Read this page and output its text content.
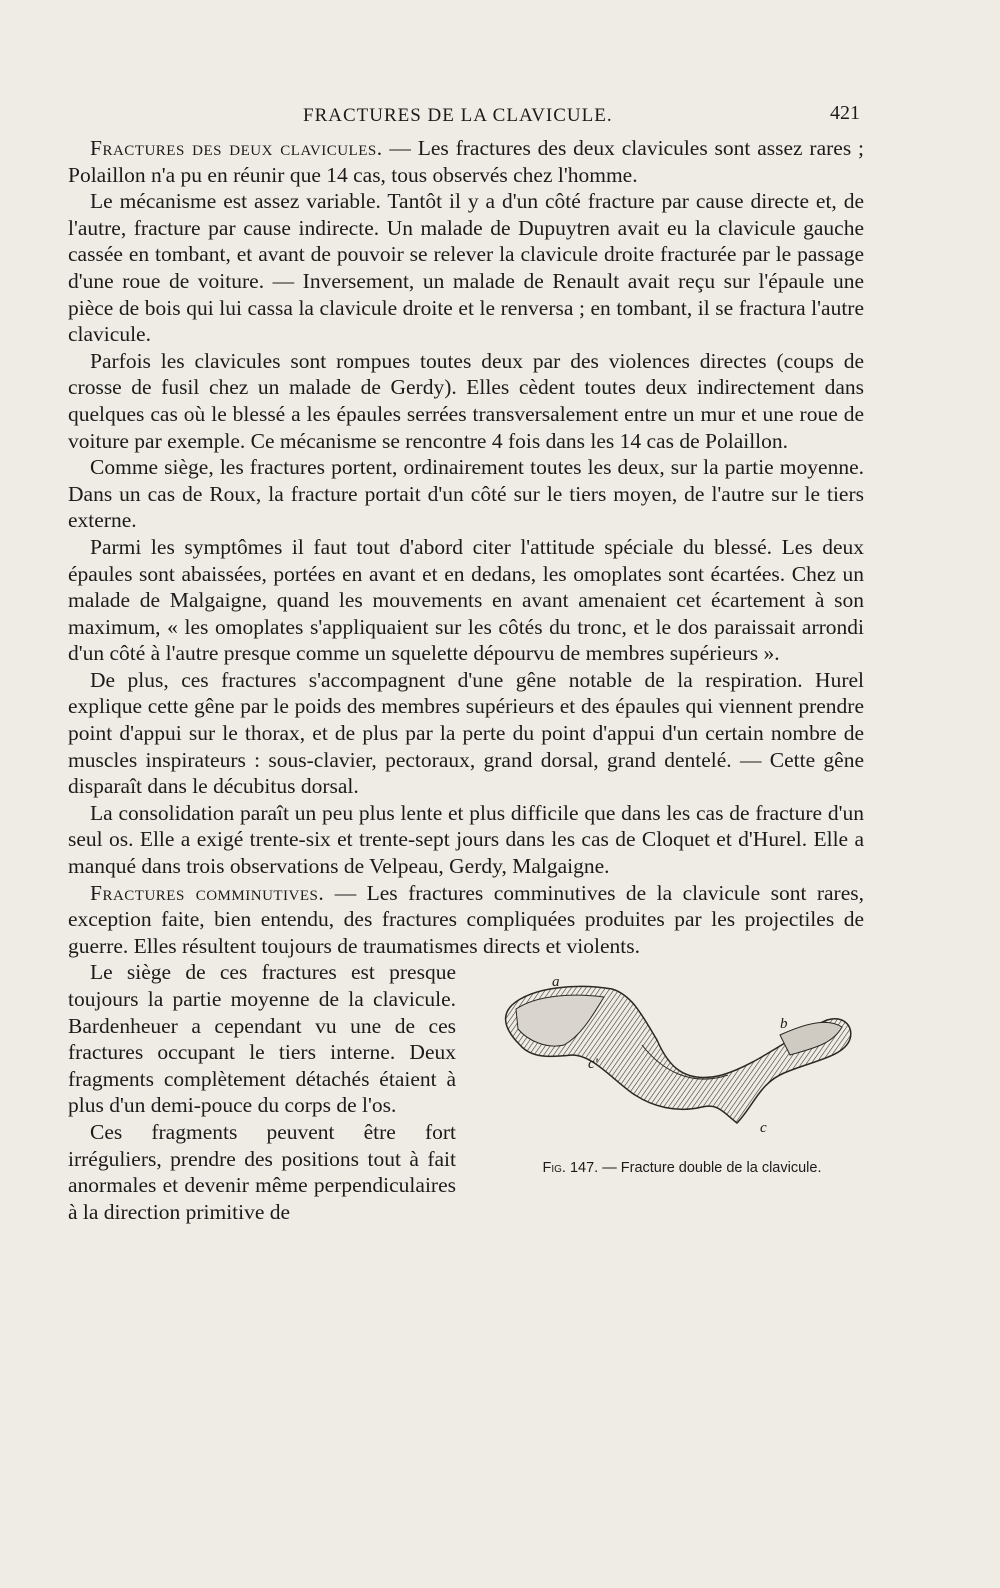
FRACTURES DE LA CLAVICULE.	421

Fractures des deux clavicules. — Les fractures des deux clavicules sont assez rares ; Polaillon n'a pu en réunir que 14 cas, tous observés chez l'homme.

Le mécanisme est assez variable. Tantôt il y a d'un côté fracture par cause directe et, de l'autre, fracture par cause indirecte. Un malade de Dupuytren avait eu la clavicule gauche cassée en tombant, et avant de pouvoir se relever la clavicule droite fracturée par le passage d'une roue de voiture. — Inversement, un malade de Renault avait reçu sur l'épaule une pièce de bois qui lui cassa la clavicule droite et le renversa ; en tombant, il se fractura l'autre clavicule.

Parfois les clavicules sont rompues toutes deux par des violences directes (coups de crosse de fusil chez un malade de Gerdy). Elles cèdent toutes deux indirectement dans quelques cas où le blessé a les épaules serrées transversalement entre un mur et une roue de voiture par exemple. Ce mécanisme se rencontre 4 fois dans les 14 cas de Polaillon.

Comme siège, les fractures portent, ordinairement toutes les deux, sur la partie moyenne. Dans un cas de Roux, la fracture portait d'un côté sur le tiers moyen, de l'autre sur le tiers externe.

Parmi les symptômes il faut tout d'abord citer l'attitude spéciale du blessé. Les deux épaules sont abaissées, portées en avant et en dedans, les omoplates sont écartées. Chez un malade de Malgaigne, quand les mouvements en avant amenaient cet écartement à son maximum, « les omoplates s'appliquaient sur les côtés du tronc, et le dos paraissait arrondi d'un côté à l'autre presque comme un squelette dépourvu de membres supérieurs ».

De plus, ces fractures s'accompagnent d'une gêne notable de la respiration. Hurel explique cette gêne par le poids des membres supérieurs et des épaules qui viennent prendre point d'appui sur le thorax, et de plus par la perte du point d'appui d'un certain nombre de muscles inspirateurs : sous-clavier, pectoraux, grand dorsal, grand dentelé. — Cette gêne disparaît dans le décubitus dorsal.

La consolidation paraît un peu plus lente et plus difficile que dans les cas de fracture d'un seul os. Elle a exigé trente-six et trente-sept jours dans les cas de Cloquet et d'Hurel. Elle a manqué dans trois observations de Velpeau, Gerdy, Malgaigne.

Fractures comminutives. — Les fractures comminutives de la clavicule sont rares, exception faite, bien entendu, des fractures compliquées produites par les projectiles de guerre. Elles résultent toujours de traumatismes directs et violents.

a
b
c'
c
Fig. 147. — Fracture double de la clavicule.

Le siège de ces fractures est presque toujours la partie moyenne de la clavicule. Bardenheuer a cependant vu une de ces fractures occupant le tiers interne. Deux fragments complètement détachés étaient à plus d'un demi-pouce du corps de l'os.

Ces fragments peuvent être fort irréguliers, prendre des positions tout à fait anormales et devenir même perpendiculaires à la direction primitive de
